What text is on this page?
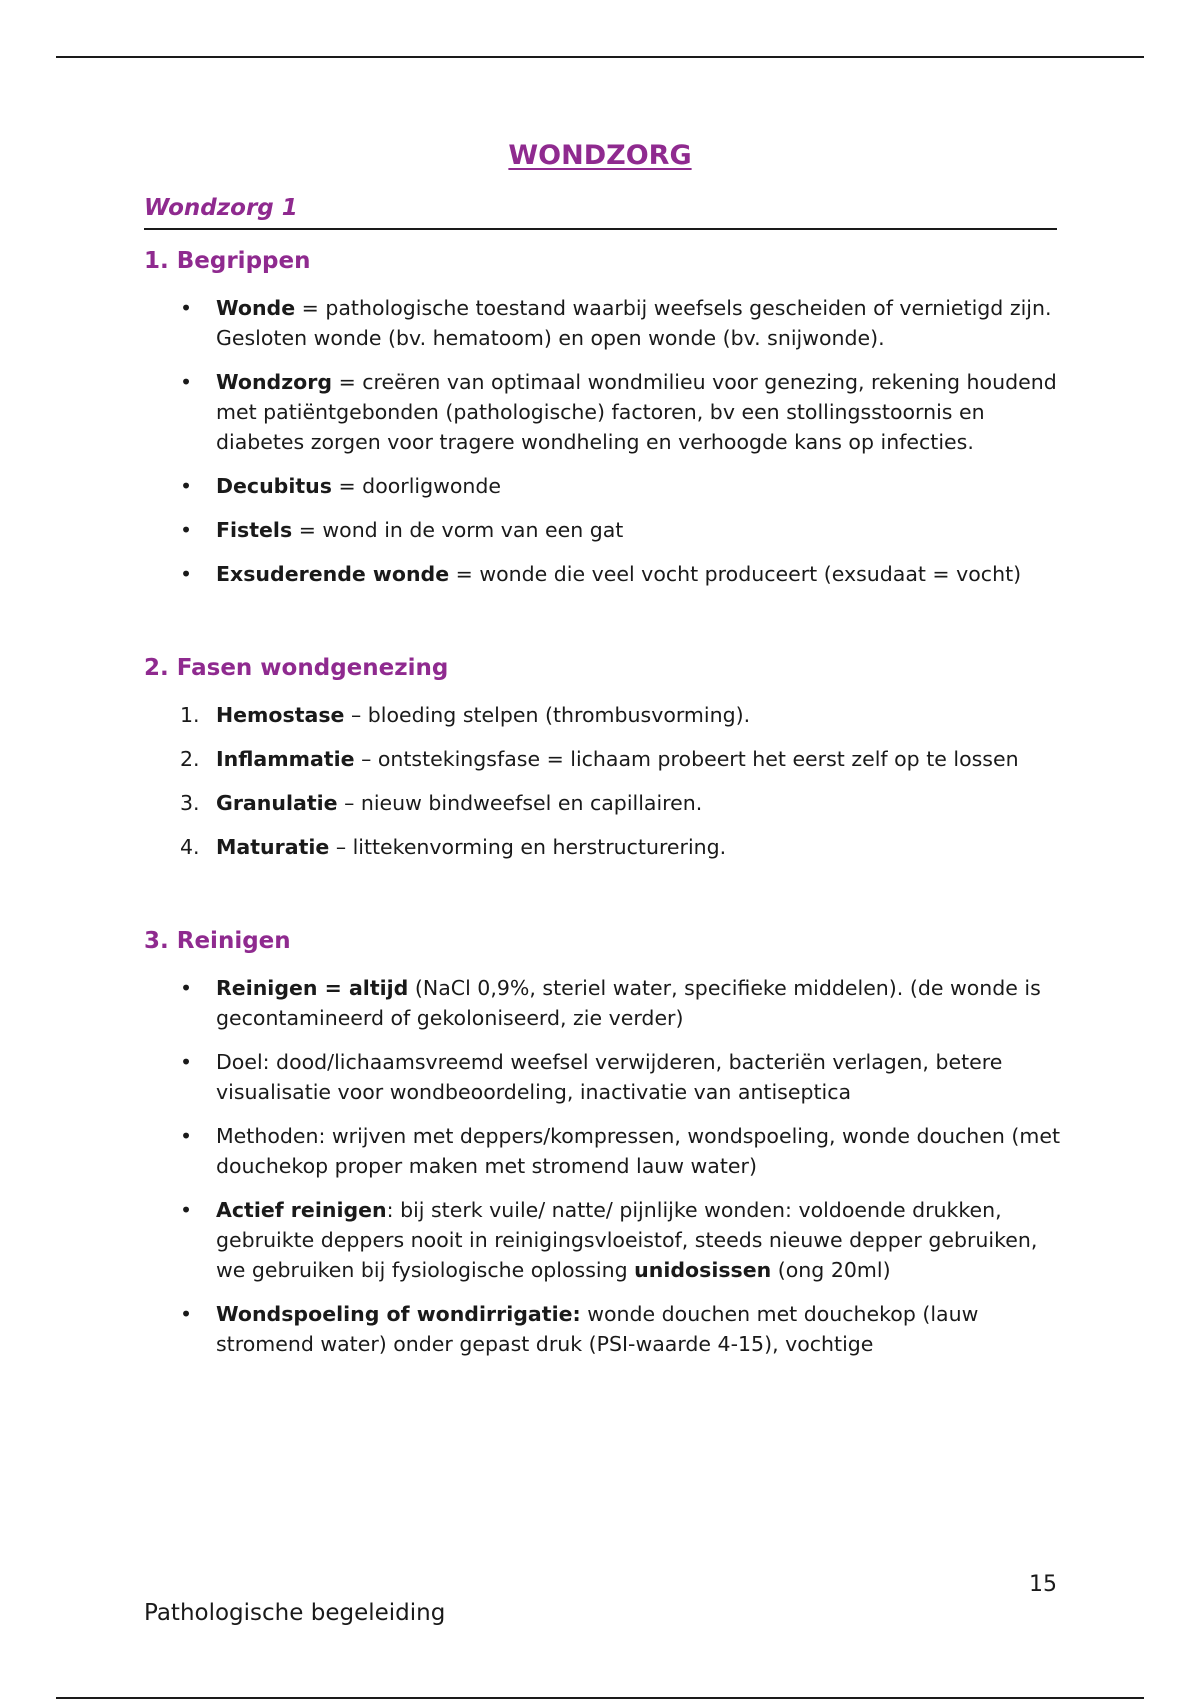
WONDZORG
Wondzorg 1
1. Begrippen
• Wonde = pathologische toestand waarbij weefsels gescheiden of vernietigd zijn. Gesloten wonde (bv. hematoom) en open wonde (bv. snijwonde).
• Wondzorg = creëren van optimaal wondmilieu voor genezing, rekening houdend met patiëntgebonden (pathologische) factoren, bv een stollingsstoornis en diabetes zorgen voor tragere wondheling en verhoogde kans op infecties.
• Decubitus = doorligwonde
• Fistels = wond in de vorm van een gat
• Exsuderende wonde = wonde die veel vocht produceert (exsudaat = vocht)
2. Fasen wondgenezing
1. Hemostase – bloeding stelpen (thrombusvorming).
2. Inflammatie – ontstekingsfase = lichaam probeert het eerst zelf op te lossen
3. Granulatie – nieuw bindweefsel en capillairen.
4. Maturatie – littekenvorming en herstructurering.
3. Reinigen
• Reinigen = altijd (NaCl 0,9%, steriel water, specifieke middelen). (de wonde is gecontamineerd of gekoloniseerd, zie verder)
• Doel: dood/lichaamsvreemd weefsel verwijderen, bacteriën verlagen, betere visualisatie voor wondbeoordeling, inactivatie van antiseptica
• Methoden: wrijven met deppers/kompressen, wondspoeling, wonde douchen (met douchekop proper maken met stromend lauw water)
• Actief reinigen: bij sterk vuile/ natte/ pijnlijke wonden: voldoende drukken, gebruikte deppers nooit in reinigingsvloeistof, steeds nieuwe depper gebruiken, we gebruiken bij fysiologische oplossing unidosissen (ong 20ml)
• Wondspoeling of wondirrigatie: wonde douchen met douchekop (lauw stromend water) onder gepast druk (PSI-waarde 4-15), vochtige
15
Pathologische begeleiding
